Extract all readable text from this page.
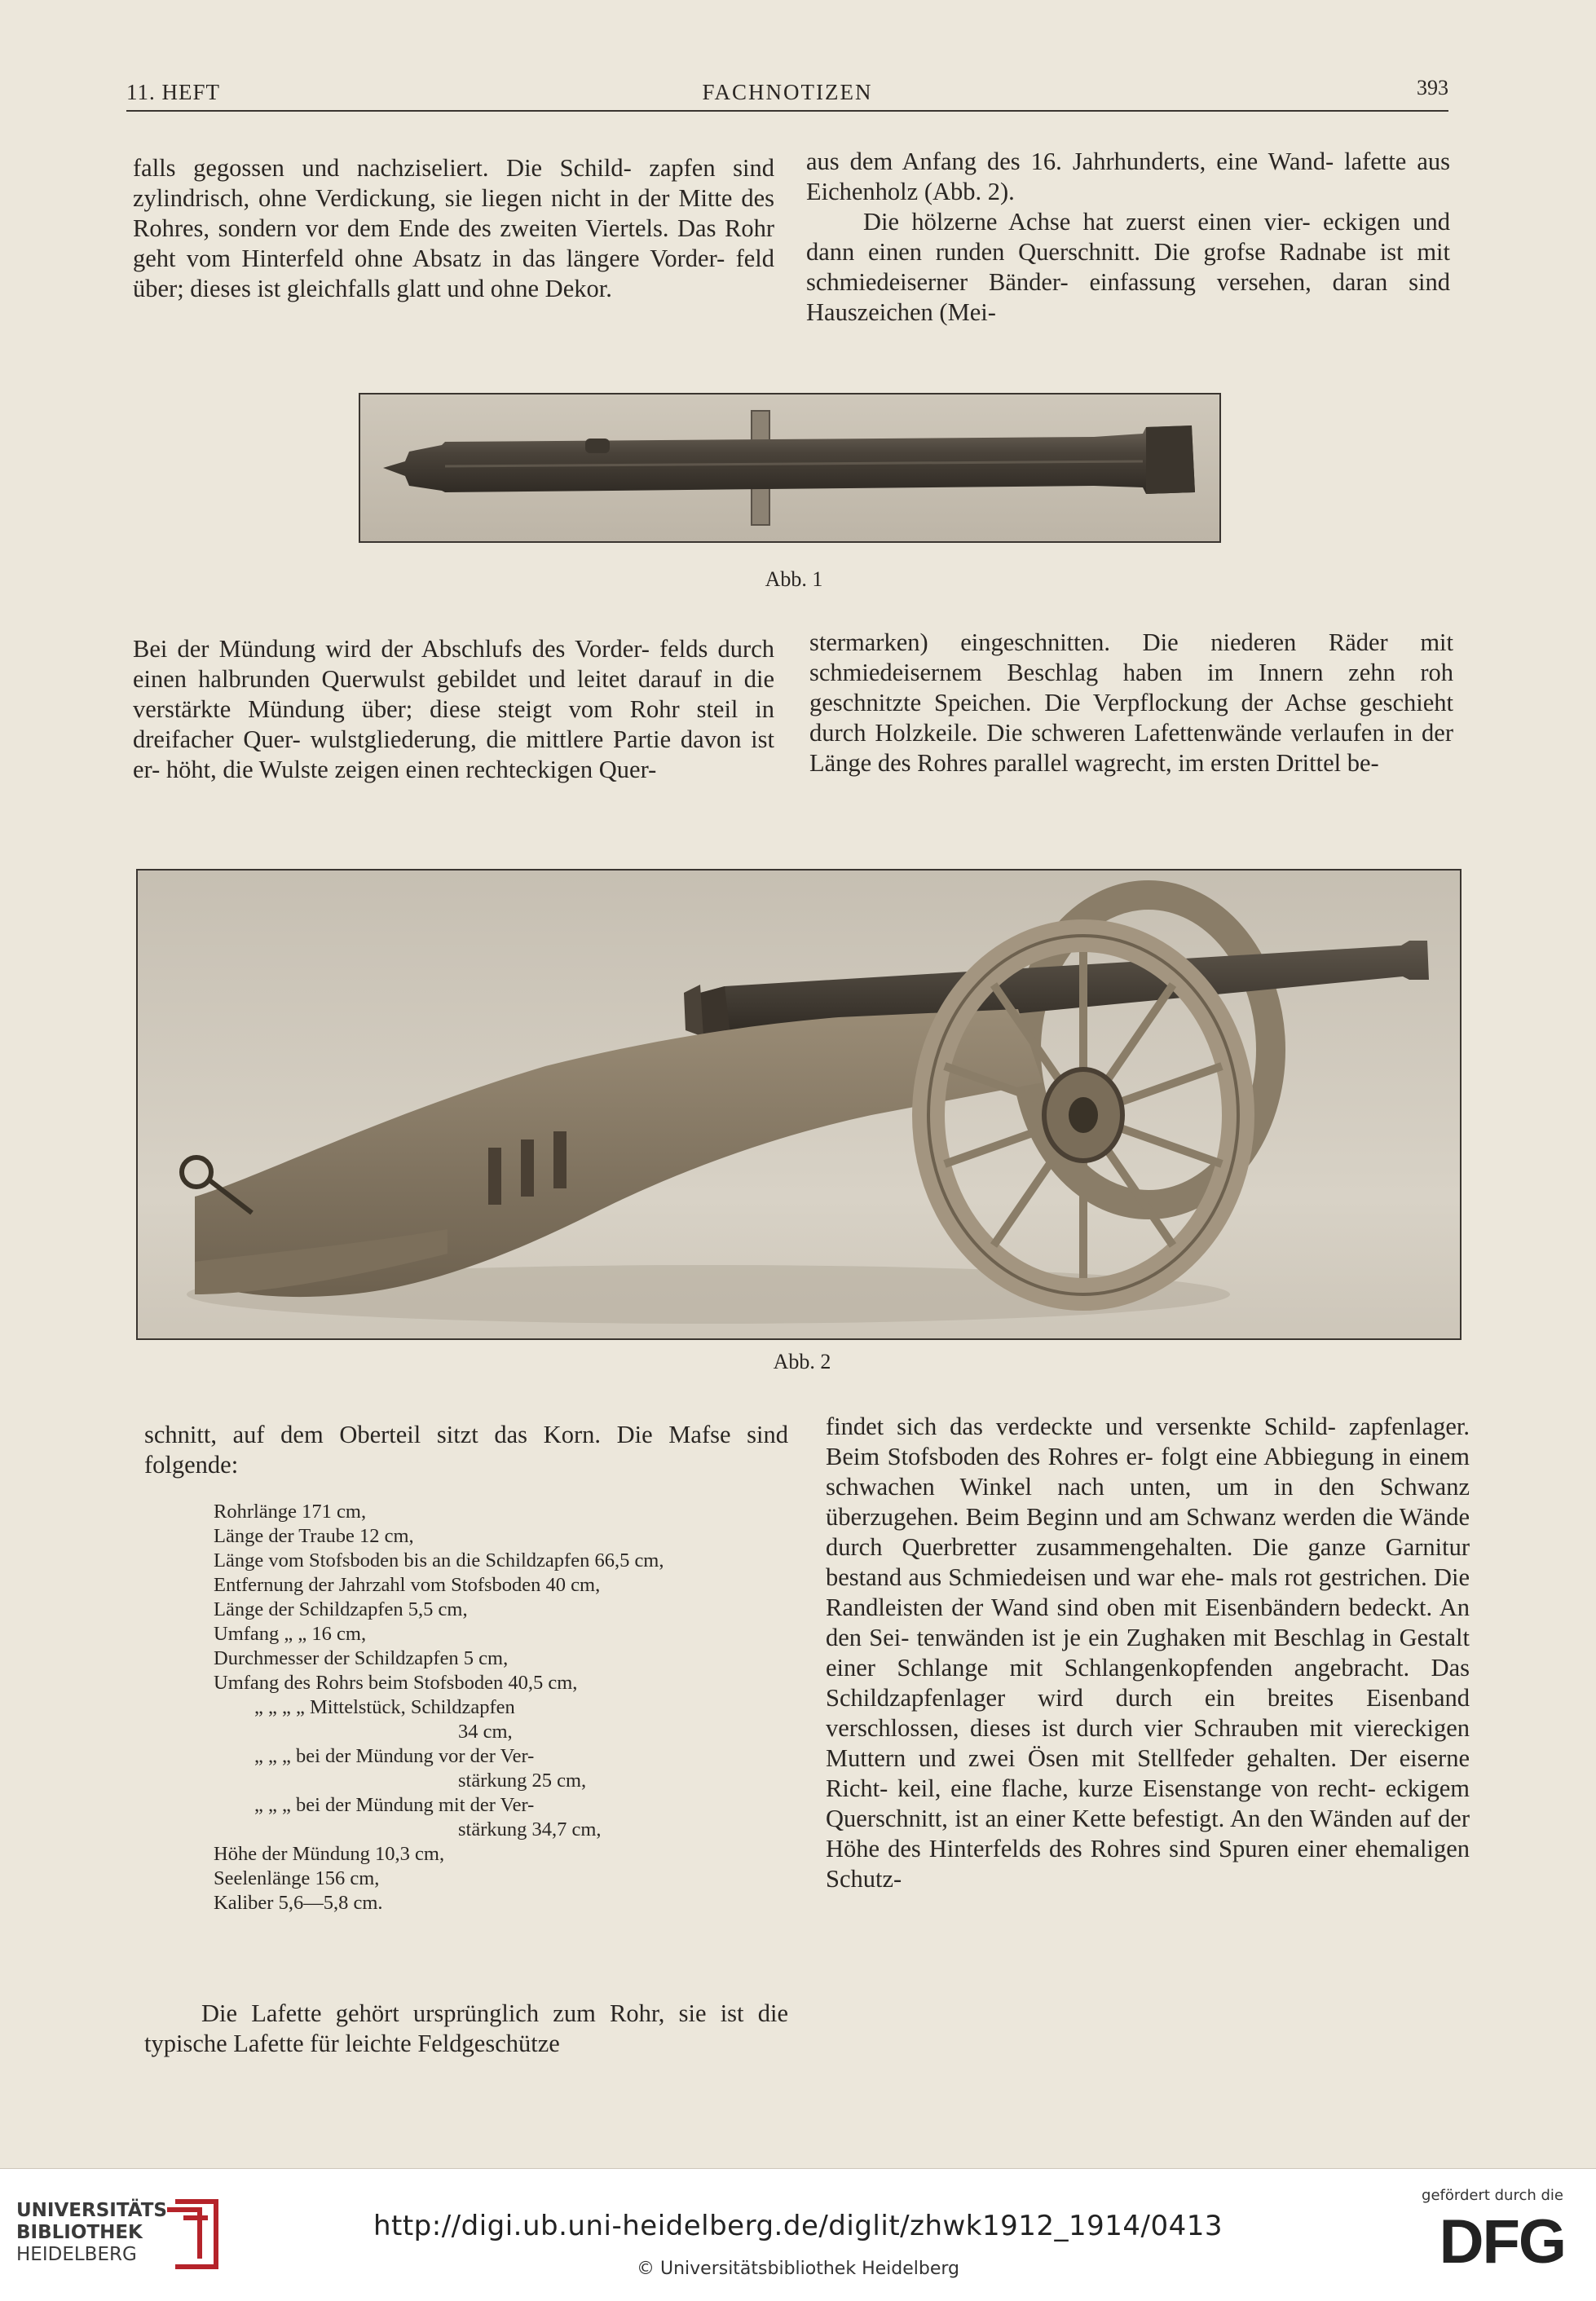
11. HEFT	FACHNOTIZEN	393

falls gegossen und nachziseliert. Die Schild- zapfen sind zylindrisch, ohne Verdickung, sie liegen nicht in der Mitte des Rohres, sondern vor dem Ende des zweiten Viertels. Das Rohr geht vom Hinterfeld ohne Absatz in das längere Vorder- feld über; dieses ist gleichfalls glatt und ohne Dekor.

aus dem Anfang des 16. Jahrhunderts, eine Wand- lafette aus Eichenholz (Abb. 2).

Die hölzerne Achse hat zuerst einen vier- eckigen und dann einen runden Querschnitt. Die grofse Radnabe ist mit schmiedeiserner Bänder- einfassung versehen, daran sind Hauszeichen (Mei-

Abb. 1

Bei der Mündung wird der Abschlufs des Vorder- felds durch einen halbrunden Querwulst gebildet und leitet darauf in die verstärkte Mündung über; diese steigt vom Rohr steil in dreifacher Quer- wulstgliederung, die mittlere Partie davon ist er- höht, die Wulste zeigen einen rechteckigen Quer-

stermarken) eingeschnitten. Die niederen Räder mit schmiedeisernem Beschlag haben im Innern zehn roh geschnitzte Speichen. Die Verpflockung der Achse geschieht durch Holzkeile. Die schweren Lafettenwände verlaufen in der Länge des Rohres parallel wagrecht, im ersten Drittel be-

Abb. 2

schnitt, auf dem Oberteil sitzt das Korn. Die Mafse sind folgende:

Rohrlänge 171 cm,
Länge der Traube 12 cm,
Länge vom Stofsboden bis an die Schildzapfen 66,5 cm,
Entfernung der Jahrzahl vom Stofsboden 40 cm,
Länge der Schildzapfen 5,5 cm,
Umfang „ „ 16 cm,
Durchmesser der Schildzapfen 5 cm,
Umfang des Rohrs beim Stofsboden 40,5 cm,
„ „ „ „ Mittelstück, Schildzapfen
34 cm,
„ „ „ bei der Mündung vor der Ver-
stärkung 25 cm,
„ „ „ bei der Mündung mit der Ver-
stärkung 34,7 cm,
Höhe der Mündung 10,3 cm,
Seelenlänge 156 cm,
Kaliber 5,6—5,8 cm.

Die Lafette gehört ursprünglich zum Rohr, sie ist die typische Lafette für leichte Feldgeschütze

findet sich das verdeckte und versenkte Schild- zapfenlager. Beim Stofsboden des Rohres er- folgt eine Abbiegung in einem schwachen Winkel nach unten, um in den Schwanz überzugehen. Beim Beginn und am Schwanz werden die Wände durch Querbretter zusammengehalten. Die ganze Garnitur bestand aus Schmiedeisen und war ehe- mals rot gestrichen. Die Randleisten der Wand sind oben mit Eisenbändern bedeckt. An den Sei- tenwänden ist je ein Zughaken mit Beschlag in Gestalt einer Schlange mit Schlangenkopfenden angebracht. Das Schildzapfenlager wird durch ein breites Eisenband verschlossen, dieses ist durch vier Schrauben mit viereckigen Muttern und zwei Ösen mit Stellfeder gehalten. Der eiserne Richt- keil, eine flache, kurze Eisenstange von recht- eckigem Querschnitt, ist an einer Kette befestigt. An den Wänden auf der Höhe des Hinterfelds des Rohres sind Spuren einer ehemaligen Schutz-

UNIVERSITÄTS-
BIBLIOTHEK
HEIDELBERG
http://digi.ub.uni-heidelberg.de/diglit/zhwk1912_1914/0413
© Universitätsbibliothek Heidelberg
gefördert durch die
DFG
